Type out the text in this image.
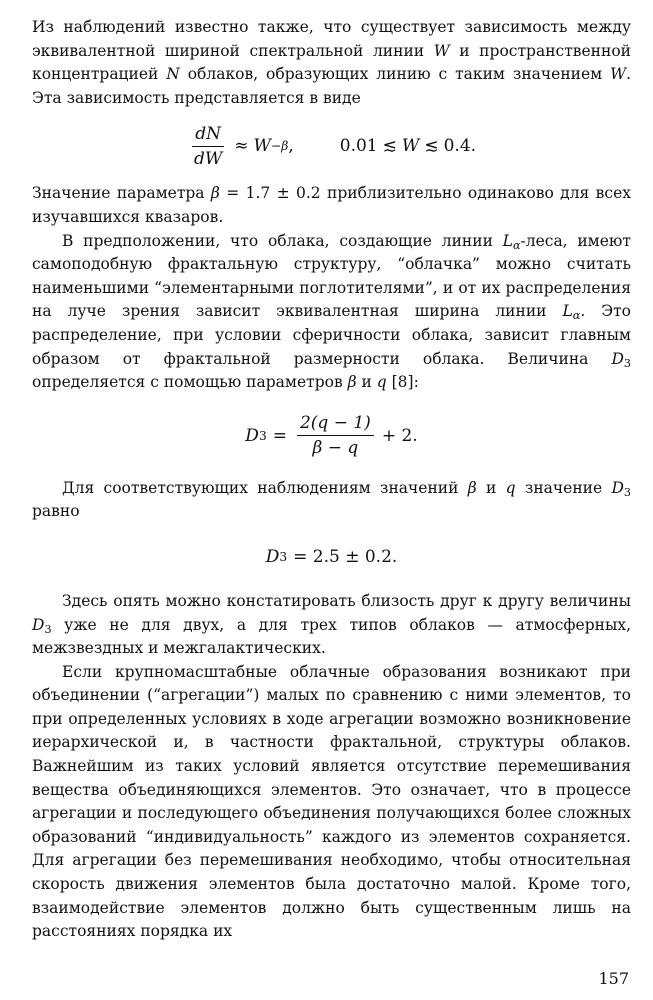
Из наблюдений известно также, что существует зависимость между эквивалентной шириной спектральной линии W и пространственной концентрацией N облаков, образующих линию с таким значением W. Эта зависимость представляется в виде

$\frac{dN}{dW} \approx W -\beta$ ,	0.01 ≲ W ≲ 0.4.

Значение параметра β = 1.7 ± 0.2 приблизительно одинаково для всех изучавшихся квазаров.

В предположении, что облака, создающие линии $L_\alpha$-леса, имеют самоподобную фрактальную структуру, “облачка” можно считать наименьшими “элементарными поглотителями”, и от их распределения на луче зрения зависит эквивалентная ширина линии $L_\alpha$. Это распределение, при условии сферичности облака, зависит главным образом от фрактальной размерности облака. Величина $D_3$ определяется с помощью параметров β и q [8]:

D $3 = \frac{2(q - 1)}{\beta - q} + 2$.

Для соответствующих наблюдениям значений β и q значение $D_3$ равно

D 3 = 2.5 ± 0.2.

Здесь опять можно констатировать близость друг к другу величины $D_3$ уже не для двух, а для трех типов облаков — атмосферных, межзвездных и межгалактических.

Если крупномасштабные облачные образования возникают при объединении (“агрегации”) малых по сравнению с ними элементов, то при определенных условиях в ходе агрегации возможно возникновение иерархической и, в частности фрактальной, структуры облаков. Важнейшим из таких условий является отсутствие перемешивания вещества объединяющихся элементов. Это означает, что в процессе агрегации и последующего объединения получающихся более сложных образований “индивидуальность” каждого из элементов сохраняется. Для агрегации без перемешивания необходимо, чтобы относительная скорость движения элементов была достаточно малой. Кроме того, взаимодействие элементов должно быть существенным лишь на расстояниях порядка их

157
